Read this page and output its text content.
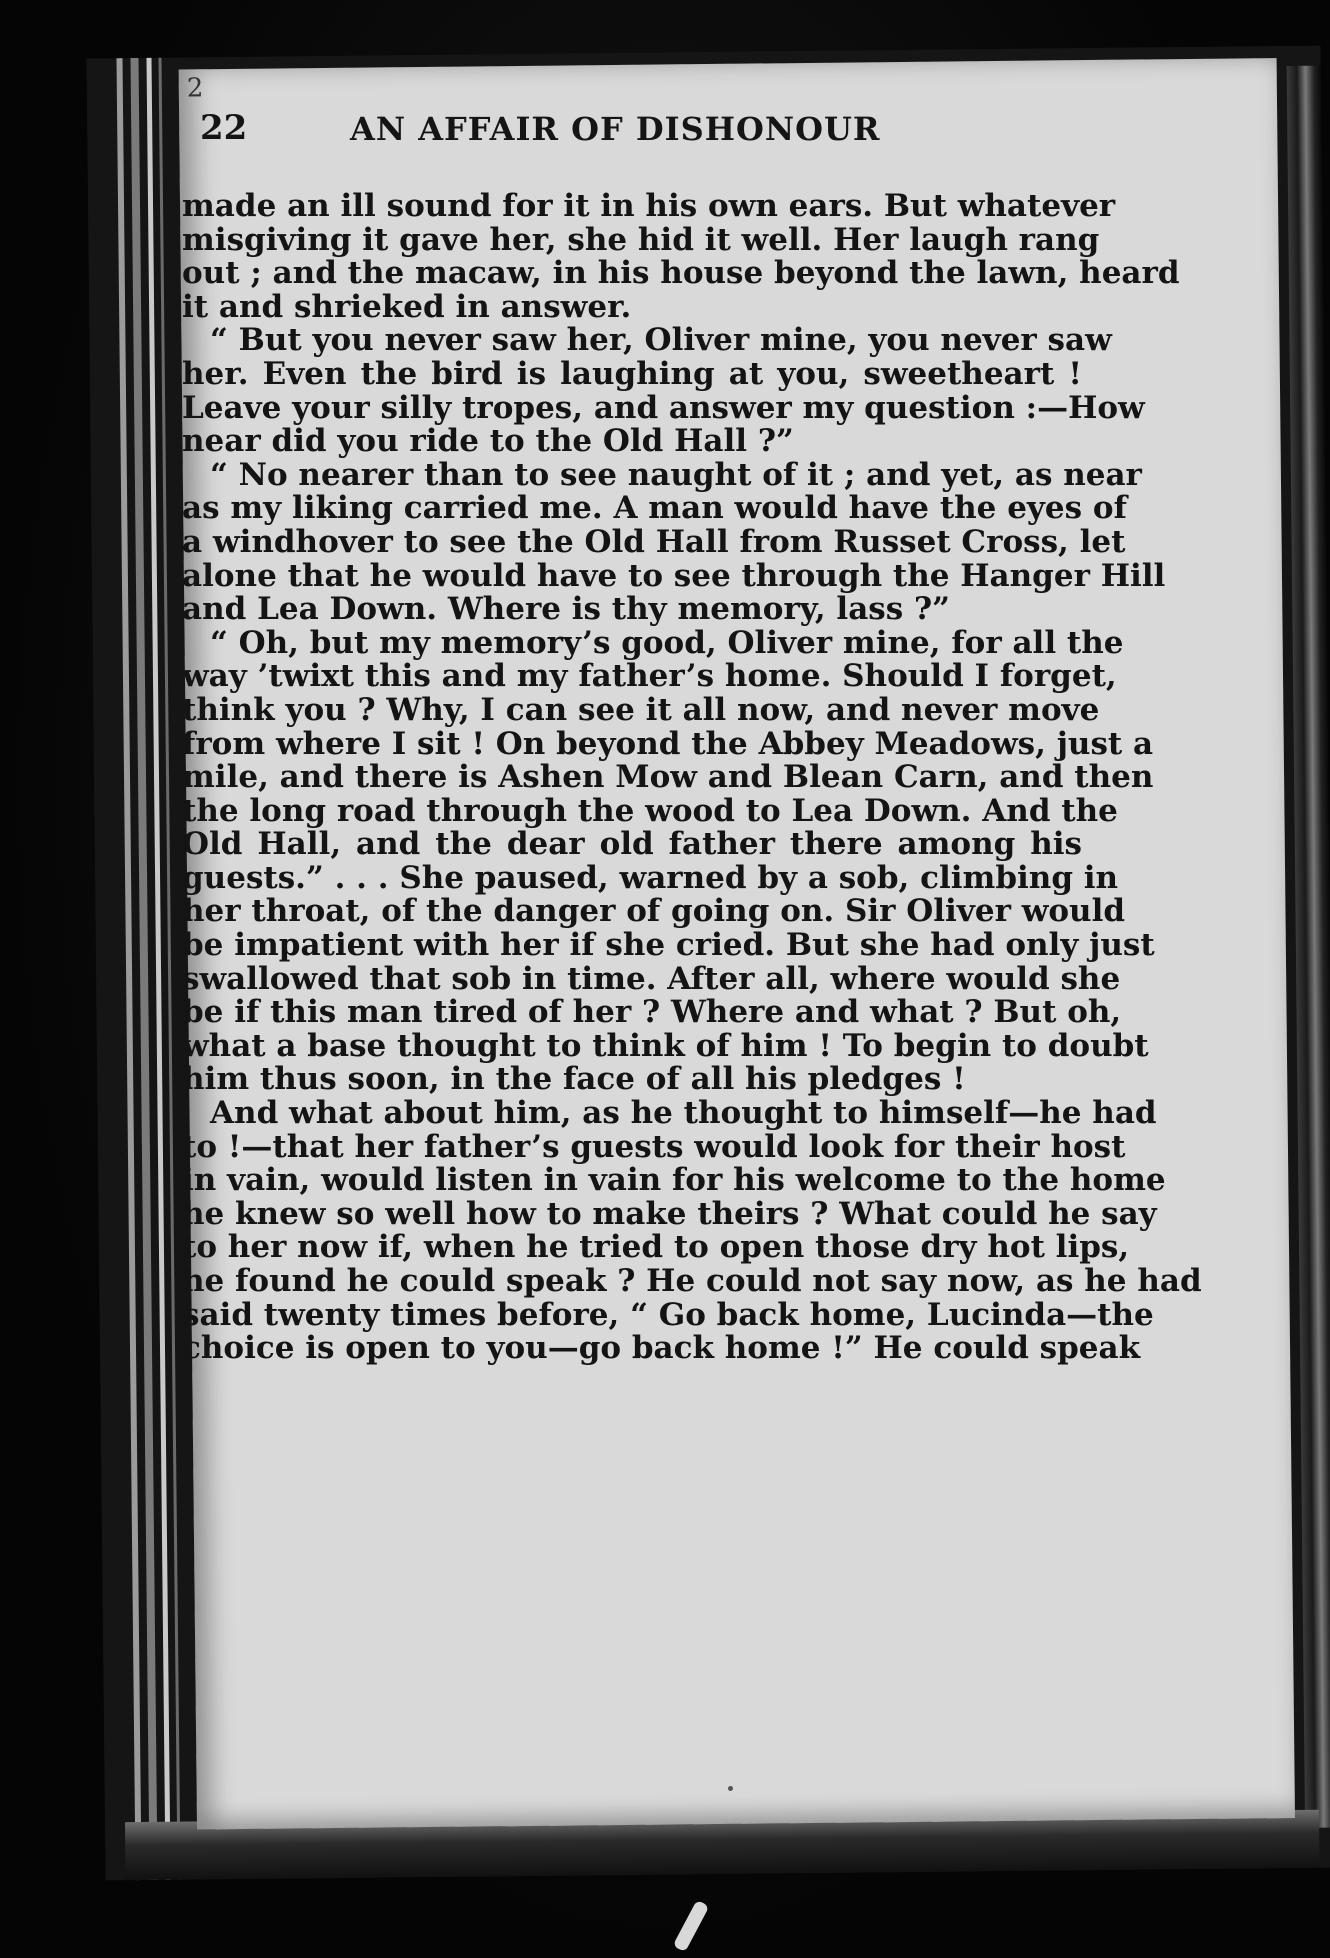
2
22	AN AFFAIR OF DISHONOUR
made an ill sound for it in his own ears. But whatever
misgiving it gave her, she hid it well. Her laugh rang
out ; and the macaw, in his house beyond the lawn, heard
it and shrieked in answer.
“ But you never saw her, Oliver mine, you never saw
her. Even the bird is laughing at you, sweetheart !
Leave your silly tropes, and answer my question :—How
near did you ride to the Old Hall ?”
“ No nearer than to see naught of it ; and yet, as near
as my liking carried me. A man would have the eyes of
a windhover to see the Old Hall from Russet Cross, let
alone that he would have to see through the Hanger Hill
and Lea Down. Where is thy memory, lass ?”
“ Oh, but my memory’s good, Oliver mine, for all the
way ’twixt this and my father’s home. Should I forget,
think you ? Why, I can see it all now, and never move
from where I sit ! On beyond the Abbey Meadows, just a
mile, and there is Ashen Mow and Blean Carn, and then
the long road through the wood to Lea Down. And the
Old Hall, and the dear old father there among his
guests.” . . . She paused, warned by a sob, climbing in
her throat, of the danger of going on. Sir Oliver would
be impatient with her if she cried. But she had only just
swallowed that sob in time. After all, where would she
be if this man tired of her ? Where and what ? But oh,
what a base thought to think of him ! To begin to doubt
him thus soon, in the face of all his pledges !
And what about him, as he thought to himself—he had
to !—that her father’s guests would look for their host
in vain, would listen in vain for his welcome to the home
he knew so well how to make theirs ? What could he say
to her now if, when he tried to open those dry hot lips,
he found he could speak ? He could not say now, as he had
said twenty times before, “ Go back home, Lucinda—the
choice is open to you—go back home !” He could speak
